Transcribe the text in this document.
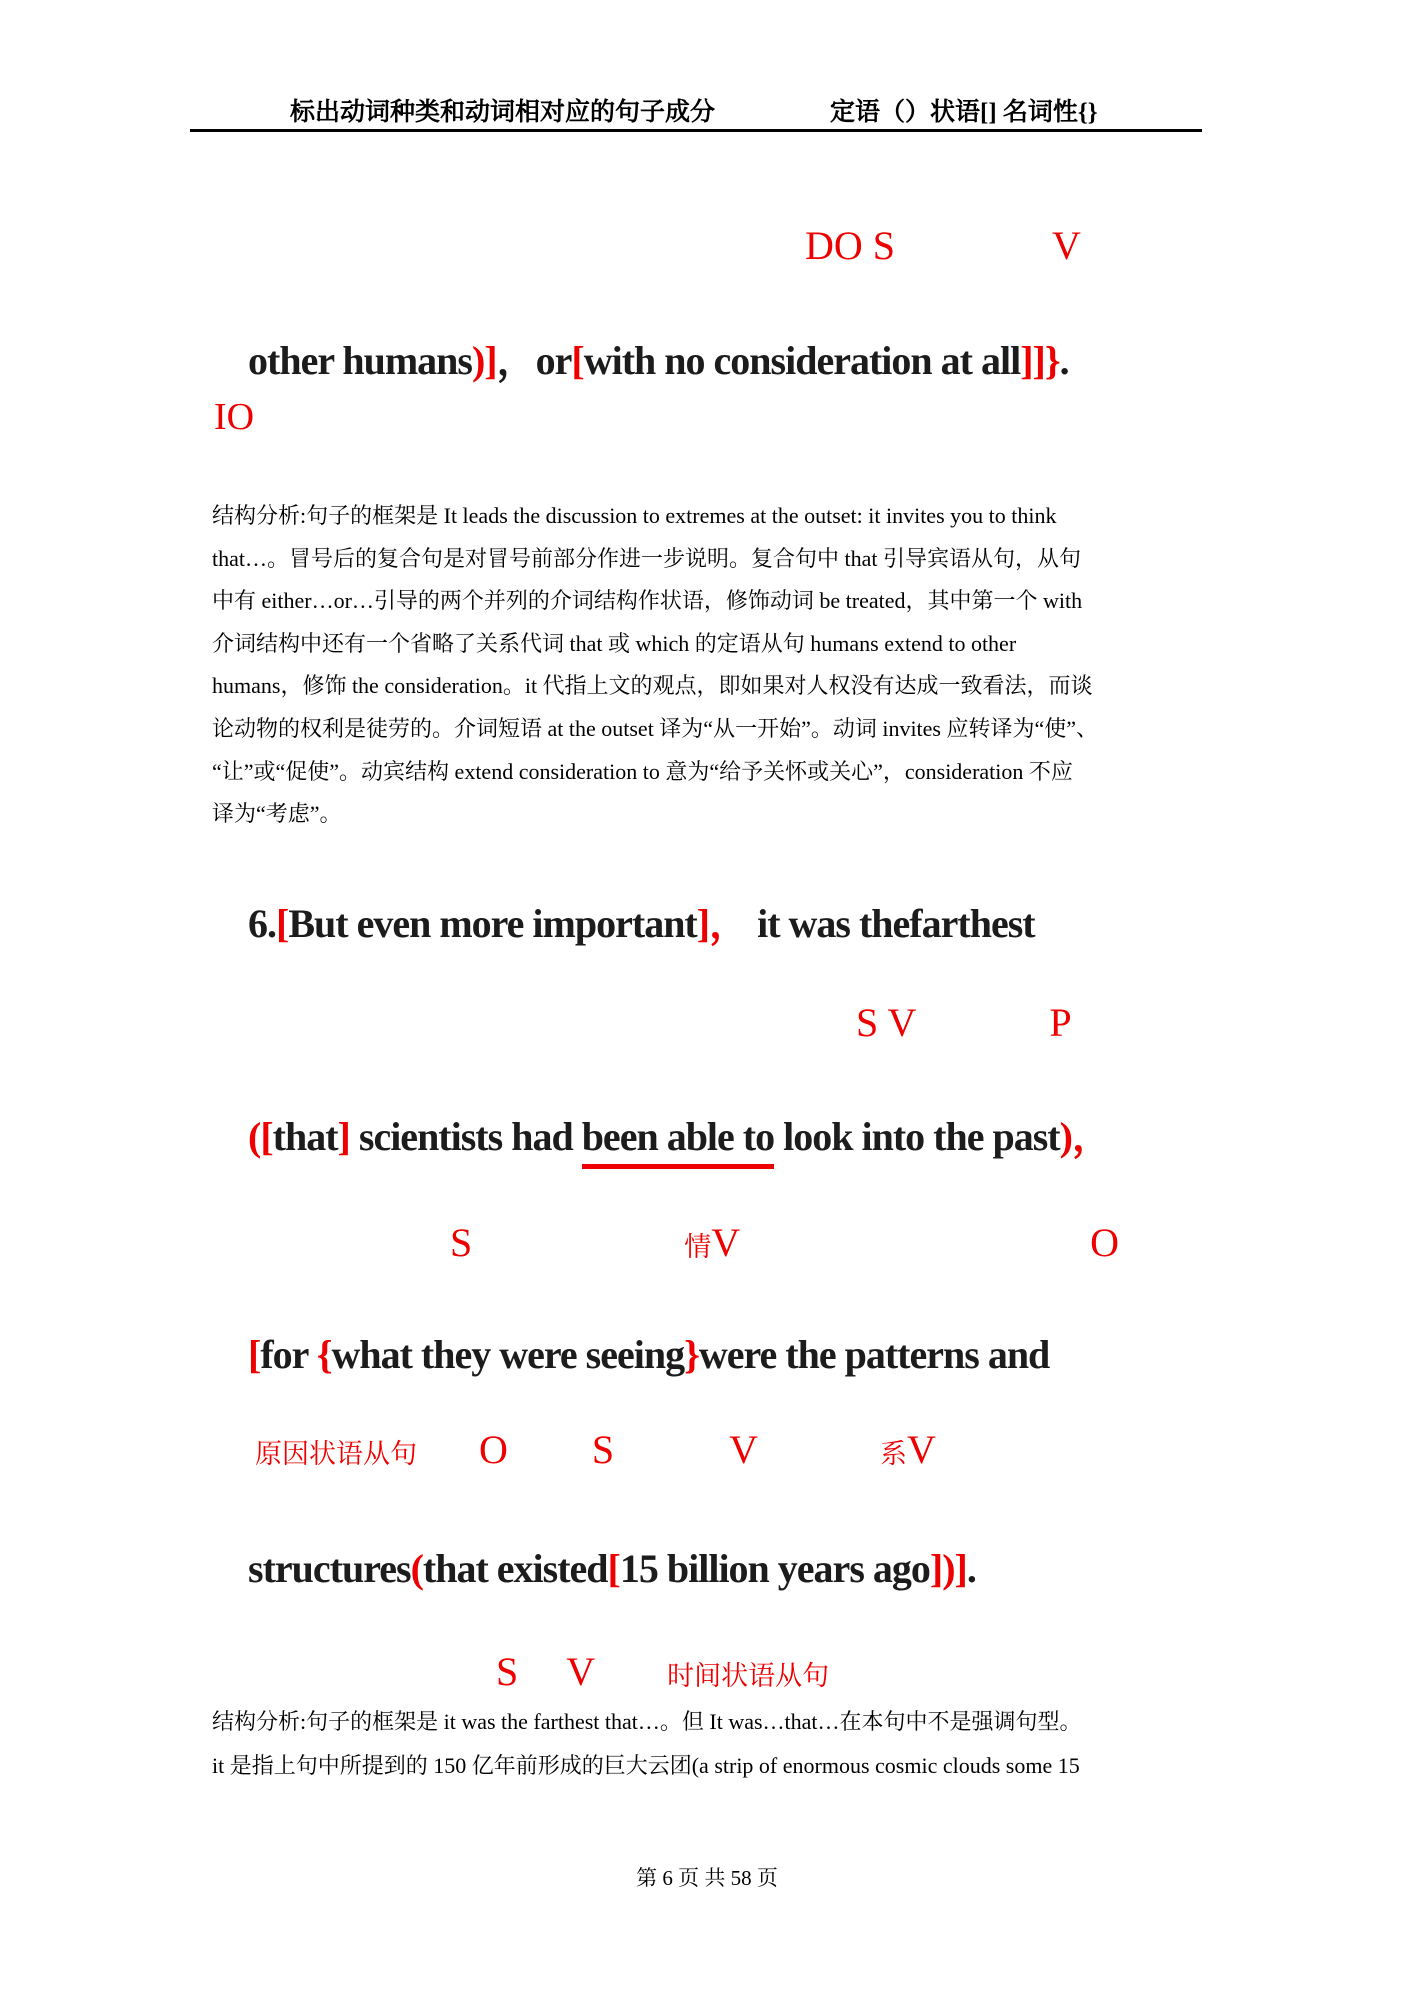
标出动词种类和动词相对应的句子成分	定语（）状语[] 名词性{}

DO S	V

other humans)]，or[with no consideration at all]]}.

IO
结构分析:句子的框架是 It leads the discussion to extremes at the outset: it invites you to think
that…。冒号后的复合句是对冒号前部分作进一步说明。复合句中 that 引导宾语从句，从句
中有 either…or…引导的两个并列的介词结构作状语，修饰动词 be treated，其中第一个 with
介词结构中还有一个省略了关系代词 that 或 which 的定语从句 humans extend to other
humans，修饰 the consideration。it 代指上文的观点，即如果对人权没有达成一致看法，而谈
论动物的权利是徒劳的。介词短语 at the outset 译为“从一开始”。动词 invites 应转译为“使”、
“让”或“促使”。动宾结构 extend consideration to 意为“给予关怀或关心”，consideration 不应
译为“考虑”。

6.[But even more important]， it was thefarthest

S V	P

([that] scientists had been able to look into the past)，

S	情V	O

[for {what they were seeing}were the patterns and

原因状语从句 O S	V	系V

structures(that existed[15 billion years ago])].

S V	时间状语从句

结构分析:句子的框架是 it was the farthest that…。但 It was…that…在本句中不是强调句型。
it 是指上句中所提到的 150 亿年前形成的巨大云团(a strip of enormous cosmic clouds some 15
第 6 页 共 58 页
